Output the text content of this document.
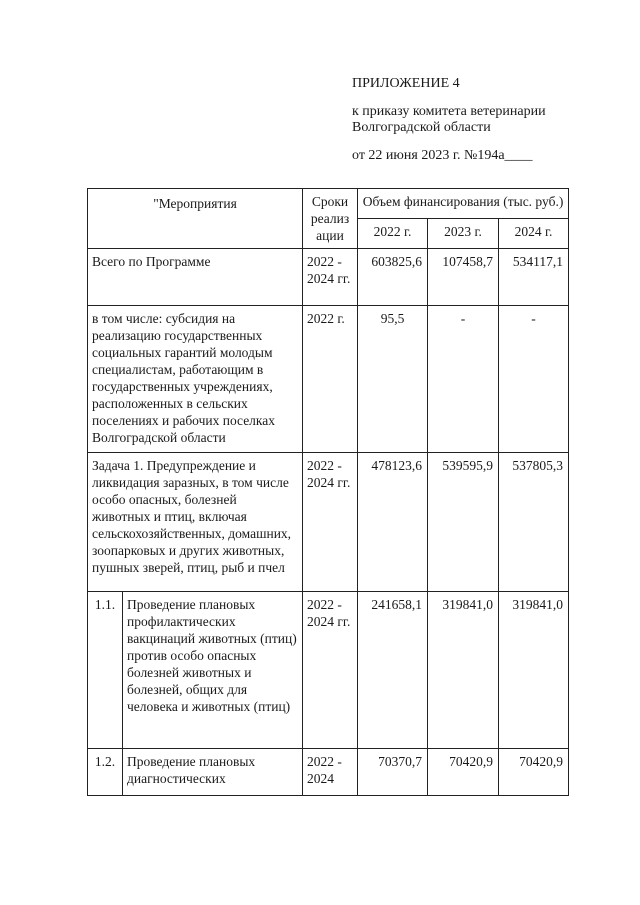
ПРИЛОЖЕНИЕ 4
к приказу комитета ветеринарии
Волгоградской области
от 22 июня 2023 г. №194а____
"Мероприятия		Сроки реализ ации	Объем финансирования (тыс. руб.)		
			2022 г.	2023 г.	2024 г.
Всего по Программе		2022 - 2024 гг.	603825,6	107458,7	534117,1
в том числе: субсидия на реализацию государственных социальных гарантий молодым специалистам, работающим в государственных учреждениях, расположенных в сельских поселениях и рабочих поселках Волгоградской области		2022 г.	95,5	-	-
Задача 1. Предупреждение и ликвидация заразных, в том числе особо опасных, болезней животных и птиц, включая сельскохозяйственных, домашних, зоопарковых и других животных, пушных зверей, птиц, рыб и пчел		2022 - 2024 гг.	478123,6	539595,9	537805,3
1.1.	Проведение плановых профилактических вакцинаций животных (птиц) против особо опасных болезней животных и болезней, общих для человека и животных (птиц)	2022 - 2024 гг.	241658,1	319841,0	319841,0
1.2.	Проведение плановых диагностических	2022 - 2024	70370,7	70420,9	70420,9
